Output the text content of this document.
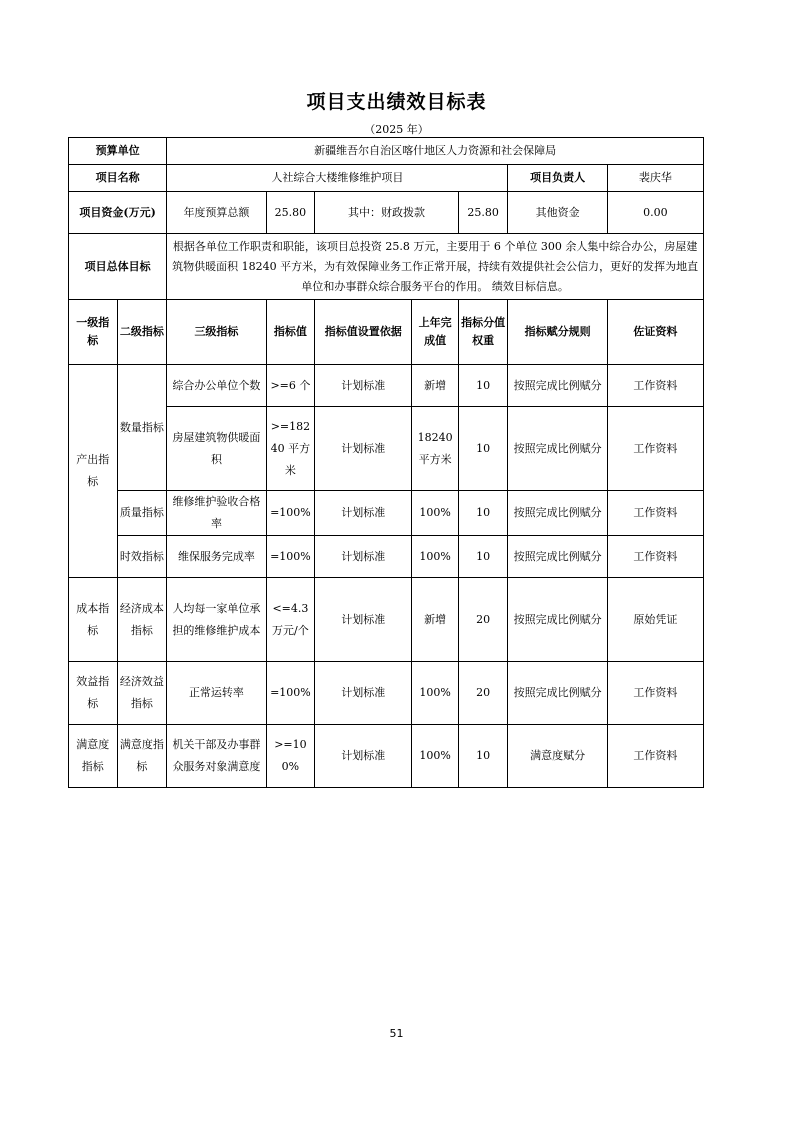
项目支出绩效目标表
（2025 年）
预算单位		新疆维吾尔自治区喀什地区人力资源和社会保障局						
项目名称		人社综合大楼维修维护项目					项目负责人	裴庆华
项目资金(万元)		年度预算总额	25.80	其中：财政拨款		25.80	其他资金	0.00
项目总体目标		根据各单位工作职责和职能，该项目总投资 25.8 万元，主要用于 6 个单位 300 余人集中综合办公，房屋建筑物供暖面积 18240 平方米，为有效保障业务工作正常开展，持续有效提供社会公信力，更好的发挥为地直单位和办事群众综合服务平台的作用。 绩效目标信息。						

一级指标	二级指标	三级指标	指标值	指标值设置依据	上年完成值	指标分值权重	指标赋分规则	佐证资料
产出指标	数量指标	综合办公单位个数	>=6 个	计划标准	新增	10	按照完成比例赋分	工作资料
		房屋建筑物供暖面积	>=18240 平方米	计划标准	18240 平方米	10	按照完成比例赋分	工作资料
	质量指标	维修维护验收合格率	=100%	计划标准	100%	10	按照完成比例赋分	工作资料
	时效指标	维保服务完成率	=100%	计划标准	100%	10	按照完成比例赋分	工作资料
成本指标	经济成本指标	人均每一家单位承担的维修维护成本	<=4.3 万元/个	计划标准	新增	20	按照完成比例赋分	原始凭证
效益指标	经济效益指标	正常运转率	=100%	计划标准	100%	20	按照完成比例赋分	工作资料
满意度指标	满意度指标	机关干部及办事群众服务对象满意度	>=100%	计划标准	100%	10	满意度赋分	工作资料
51
